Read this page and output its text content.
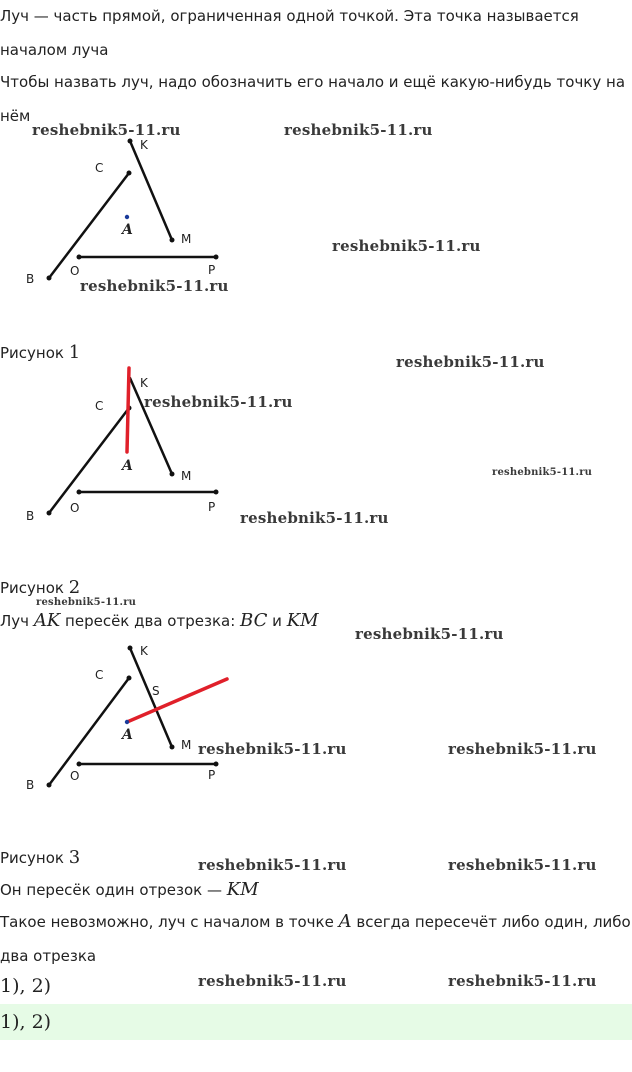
Луч — часть прямой, ограниченная одной точкой. Эта точка называется
началом луча
Чтобы назвать луч, надо обозначить его начало и ещё какую-нибудь точку на
нём
K
C
A
M
B
O	P
reshebnik5-11.ru	reshebnik5-11.ru
reshebnik5-11.ru
reshebnik5-11.ru
Рисунок 1	reshebnik5-11.ru
K
C
A
M
B
O	P
reshebnik5-11.ru
reshebnik5-11.ru
reshebnik5-11.ru
Рисунок 2
reshebnik5-11.ru
Луч AK пересёк два отрезка: BC и KM
reshebnik5-11.ru
K
C
S
A
M
B
O	P
reshebnik5-11.ru	reshebnik5-11.ru
Рисунок 3	reshebnik5-11.ru	reshebnik5-11.ru
Он пересёк один отрезок — KM
Такое невозможно, луч с началом в точке A всегда пересечёт либо один, либо
два отрезка
1), 2)	reshebnik5-11.ru	reshebnik5-11.ru
1), 2)
